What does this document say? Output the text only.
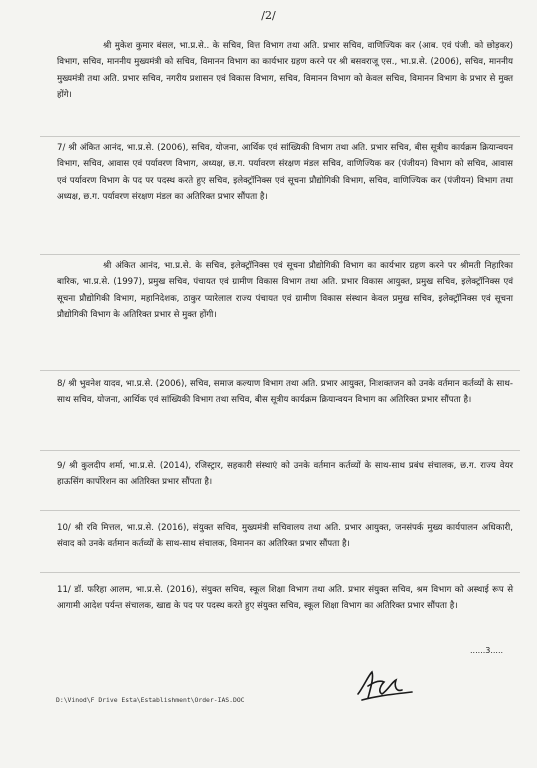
/2/

श्री मुकेश कुमार बंसल, भा.प्र.से.. के सचिव, वित्त विभाग तथा अति. प्रभार सचिव, वाणिज्यिक कर (आब. एवं पंजी. को छोड़कर) विभाग, सचिव, माननीय मुख्यमंत्री को सचिव, विमानन विभाग का कार्यभार ग्रहण करने पर श्री बसवराजू एस., भा.प्र.से. (2006), सचिव, माननीय मुख्यमंत्री तथा अति. प्रभार सचिव, नगरीय प्रशासन एवं विकास विभाग, सचिव, विमानन विभाग को केवल सचिव, विमानन विभाग के प्रभार से मुक्त होंगे।

7/ श्री अंकित आनंद, भा.प्र.से. (2006), सचिव, योजना, आर्थिक एवं सांख्यिकी विभाग तथा अति. प्रभार सचिव, बीस सूत्रीय कार्यक्रम क्रियान्वयन विभाग, सचिव, आवास एवं पर्यावरण विभाग, अध्यक्ष, छ.ग. पर्यावरण संरक्षण मंडल सचिव, वाणिज्यिक कर (पंजीयन) विभाग को सचिव, आवास एवं पर्यावरण विभाग के पद पर पदस्थ करते हुए सचिव, इलेक्ट्रॉनिक्स एवं सूचना प्रौद्योगिकी विभाग, सचिव, वाणिज्यिक कर (पंजीयन) विभाग तथा अध्यक्ष, छ.ग. पर्यावरण संरक्षण मंडल का अतिरिक्त प्रभार सौंपता है।

श्री अंकित आनंद, भा.प्र.से. के सचिव, इलेक्ट्रॉनिक्स एवं सूचना प्रौद्योगिकी विभाग का कार्यभार ग्रहण करने पर श्रीमती निहारिका बारिक, भा.प्र.से. (1997), प्रमुख सचिव, पंचायत एवं ग्रामीण विकास विभाग तथा अति. प्रभार विकास आयुक्त, प्रमुख सचिव, इलेक्ट्रॉनिक्स एवं सूचना प्रौद्योगिकी विभाग, महानिदेशक, ठाकुर प्यारेलाल राज्य पंचायत एवं ग्रामीण विकास संस्थान केवल प्रमुख सचिव, इलेक्ट्रॉनिक्स एवं सूचना प्रौद्योगिकी विभाग के अतिरिक्त प्रभार से मुक्त होंगी।

8/ श्री भुवनेश यादव, भा.प्र.से. (2006), सचिव, समाज कल्याण विभाग तथा अति. प्रभार आयुक्त, निःशक्तजन को उनके वर्तमान कर्तव्यों के साथ-साथ सचिव, योजना, आर्थिक एवं सांख्यिकी विभाग तथा सचिव, बीस सूत्रीय कार्यक्रम क्रियान्वयन विभाग का अतिरिक्त प्रभार सौंपता है।

9/ श्री कुलदीप शर्मा, भा.प्र.से. (2014), रजिस्ट्रार, सहकारी संस्थाएं को उनके वर्तमान कर्तव्यों के साथ-साथ प्रबंध संचालक, छ.ग. राज्य वेयर हाऊसिंग कार्पोरेशन का अतिरिक्त प्रभार सौंपता है।

10/ श्री रवि मित्तल, भा.प्र.से. (2016), संयुक्त सचिव, मुख्यमंत्री सचिवालय तथा अति. प्रभार आयुक्त, जनसंपर्क मुख्य कार्यपालन अधिकारी, संवाद को उनके वर्तमान कर्तव्यों के साथ-साथ संचालक, विमानन का अतिरिक्त प्रभार सौंपता है।

11/ डॉ. फरिहा आलम, भा.प्र.से. (2016), संयुक्त सचिव, स्कूल शिक्षा विभाग तथा अति. प्रभार संयुक्त सचिव, श्रम विभाग को अस्थाई रूप से आगामी आदेश पर्यन्त संचालक, खाद्य के पद पर पदस्थ करते हुए संयुक्त सचिव, स्कूल शिक्षा विभाग का अतिरिक्त प्रभार सौंपता है।

......3.....
D:\Vinod\F Drive Esta\Establishment\Order-IAS.DOC
